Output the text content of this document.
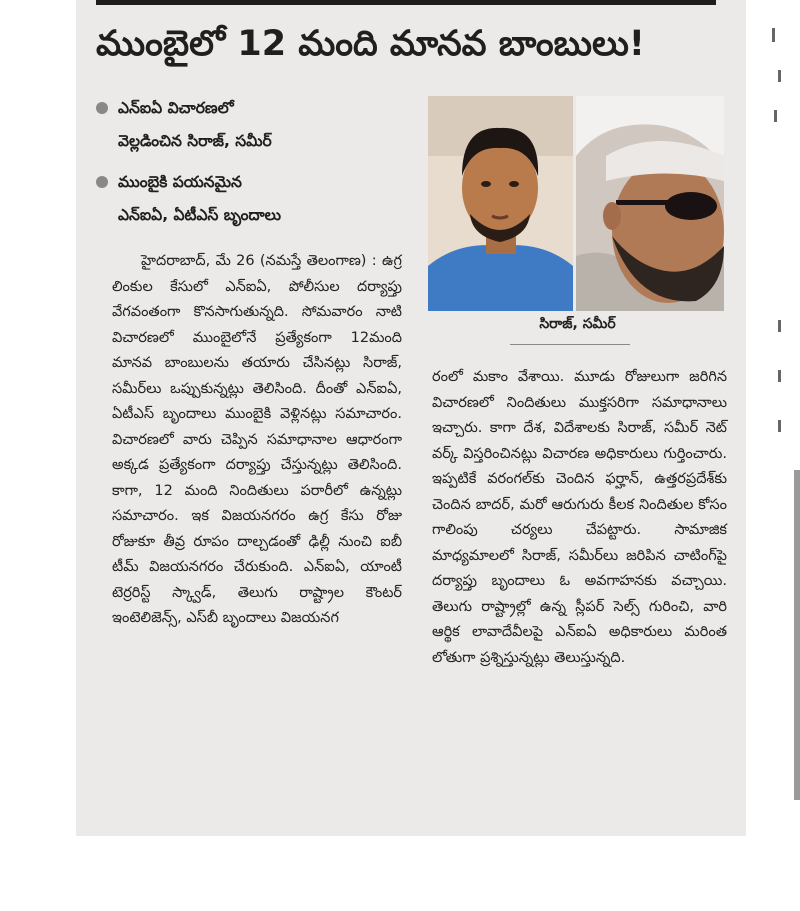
ముంబైలో 12 మంది మానవ బాంబులు!
ఎన్‌ఐఏ విచారణలో
వెల్లడించిన సిరాజ్, సమీర్
ముంబైకి పయనమైన
ఎన్‌ఐఏ, ఏటీఎస్ బృందాలు
సిరాజ్, సమీర్
హైదరాబాద్, మే 26 (నమస్తే తెలంగాణ) : ఉగ్ర లింకుల కేసులో ఎన్‌ఐఏ, పోలీసుల దర్యాప్తు వేగవంతంగా కొనసాగుతున్నది. సోమవారం నాటి విచారణలో ముంబైలోనే ప్రత్యేకంగా 12మంది మానవ బాంబులను తయారు చేసినట్లు సిరాజ్, సమీర్‌లు ఒప్పుకున్నట్లు తెలిసింది. దీంతో ఎన్‌ఐఏ, ఏటీఎస్ బృందాలు ముంబైకి వెళ్లినట్లు సమాచారం. విచారణలో వారు చెప్పిన సమాధానాల ఆధారంగా అక్కడ ప్రత్యేకంగా దర్యాప్తు చేస్తున్నట్లు తెలిసింది. కాగా, 12 మంది నిందితులు పరారీలో ఉన్నట్లు సమాచారం. ఇక విజయనగరం ఉగ్ర కేసు రోజు రోజుకూ తీవ్ర రూపం దాల్చడంతో ఢిల్లీ నుంచి ఐబీ టీమ్ విజయనగరం చేరుకుంది. ఎన్‌ఐఏ, యాంటీ టెర్రరిస్ట్ స్క్వాడ్, తెలుగు రాష్ట్రాల కౌంటర్ ఇంటెలిజెన్స్, ఎస్‌బీ బృందాలు విజయనగ
రంలో మకాం వేశాయి. మూడు రోజులుగా జరిగిన విచారణలో నిందితులు ముక్తసరిగా సమాధానాలు ఇచ్చారు. కాగా దేశ, విదేశాలకు సిరాజ్, సమీర్ నెట్ వర్క్ విస్తరించినట్లు విచారణ అధికారులు గుర్తించారు. ఇప్పటికే వరంగల్‌కు చెందిన ఫర్హాన్, ఉత్తరప్రదేశ్‌కు చెందిన బాదర్, మరో ఆరుగురు కీలక నిందితుల కోసం గాలింపు చర్యలు చేపట్టారు. సామాజిక మాధ్యమాలలో సిరాజ్, సమీర్‌లు జరిపిన చాటింగ్‌పై దర్యాప్తు బృందాలు ఓ అవగాహనకు వచ్చాయి. తెలుగు రాష్ట్రాల్లో ఉన్న స్లీపర్ సెల్స్ గురించి, వారి ఆర్థిక లావాదేవీలపై ఎన్‌ఐఏ అధికారులు మరింత లోతుగా ప్రశ్నిస్తున్నట్లు తెలుస్తున్నది.
